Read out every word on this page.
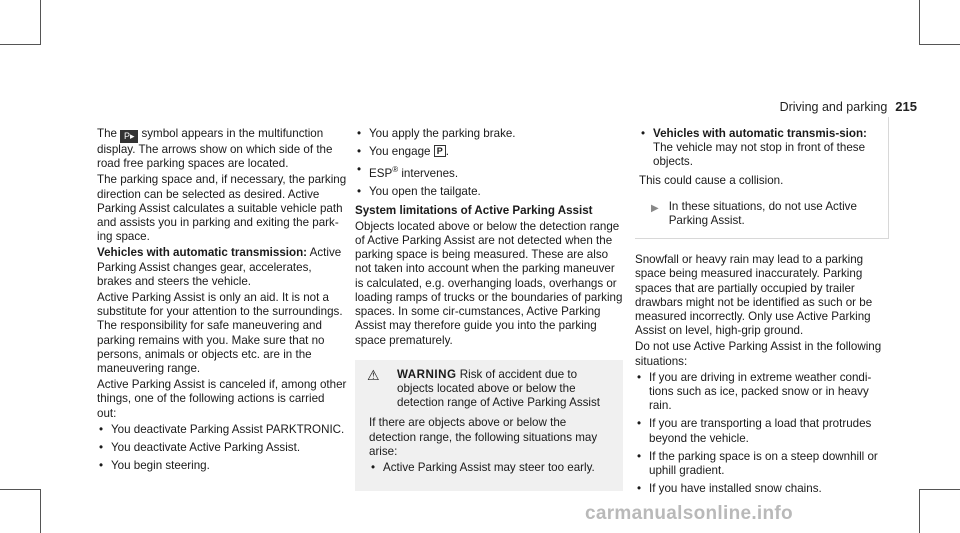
Driving and parking 215

The P▸ symbol appears in the multifunction display. The arrows show on which side of the road free parking spaces are located.

The parking space and, if necessary, the parking direction can be selected as desired. Active Parking Assist calculates a suitable vehicle path and assists you in parking and exiting the park-ing space.

Vehicles with automatic transmission: Active Parking Assist changes gear, accelerates, brakes and steers the vehicle.

Active Parking Assist is only an aid. It is not a substitute for your attention to the surroundings. The responsibility for safe maneuvering and parking remains with you. Make sure that no persons, animals or objects etc. are in the maneuvering range.

Active Parking Assist is canceled if, among other things, one of the following actions is carried out:

• You deactivate Parking Assist PARKTRONIC.
• You deactivate Active Parking Assist.
• You begin steering.
• You apply the parking brake.
• You engage P .
• ESP® intervenes.
• You open the tailgate.

System limitations of Active Parking Assist

Objects located above or below the detection range of Active Parking Assist are not detected when the parking space is being measured. These are also not taken into account when the parking maneuver is calculated, e.g. overhanging loads, overhangs or loading ramps of trucks or the boundaries of parking spaces. In some cir-cumstances, Active Parking Assist may therefore guide you into the parking space prematurely.

⚠	WARNING Risk of accident due to objects located above or below the detection range of Active Parking Assist

If there are objects above or below the detection range, the following situations may arise:

• Active Parking Assist may steer too early.
• Vehicles with automatic transmis-sion: The vehicle may not stop in front of these objects.

This could cause a collision.

▶ In these situations, do not use Active Parking Assist.

Snowfall or heavy rain may lead to a parking space being measured inaccurately. Parking spaces that are partially occupied by trailer drawbars might not be identified as such or be measured incorrectly. Only use Active Parking Assist on level, high-grip ground.

Do not use Active Parking Assist in the following situations:

• If you are driving in extreme weather condi-tions such as ice, packed snow or in heavy rain.
• If you are transporting a load that protrudes beyond the vehicle.
• If the parking space is on a steep downhill or uphill gradient.
• If you have installed snow chains.
carmanualsonline.info
